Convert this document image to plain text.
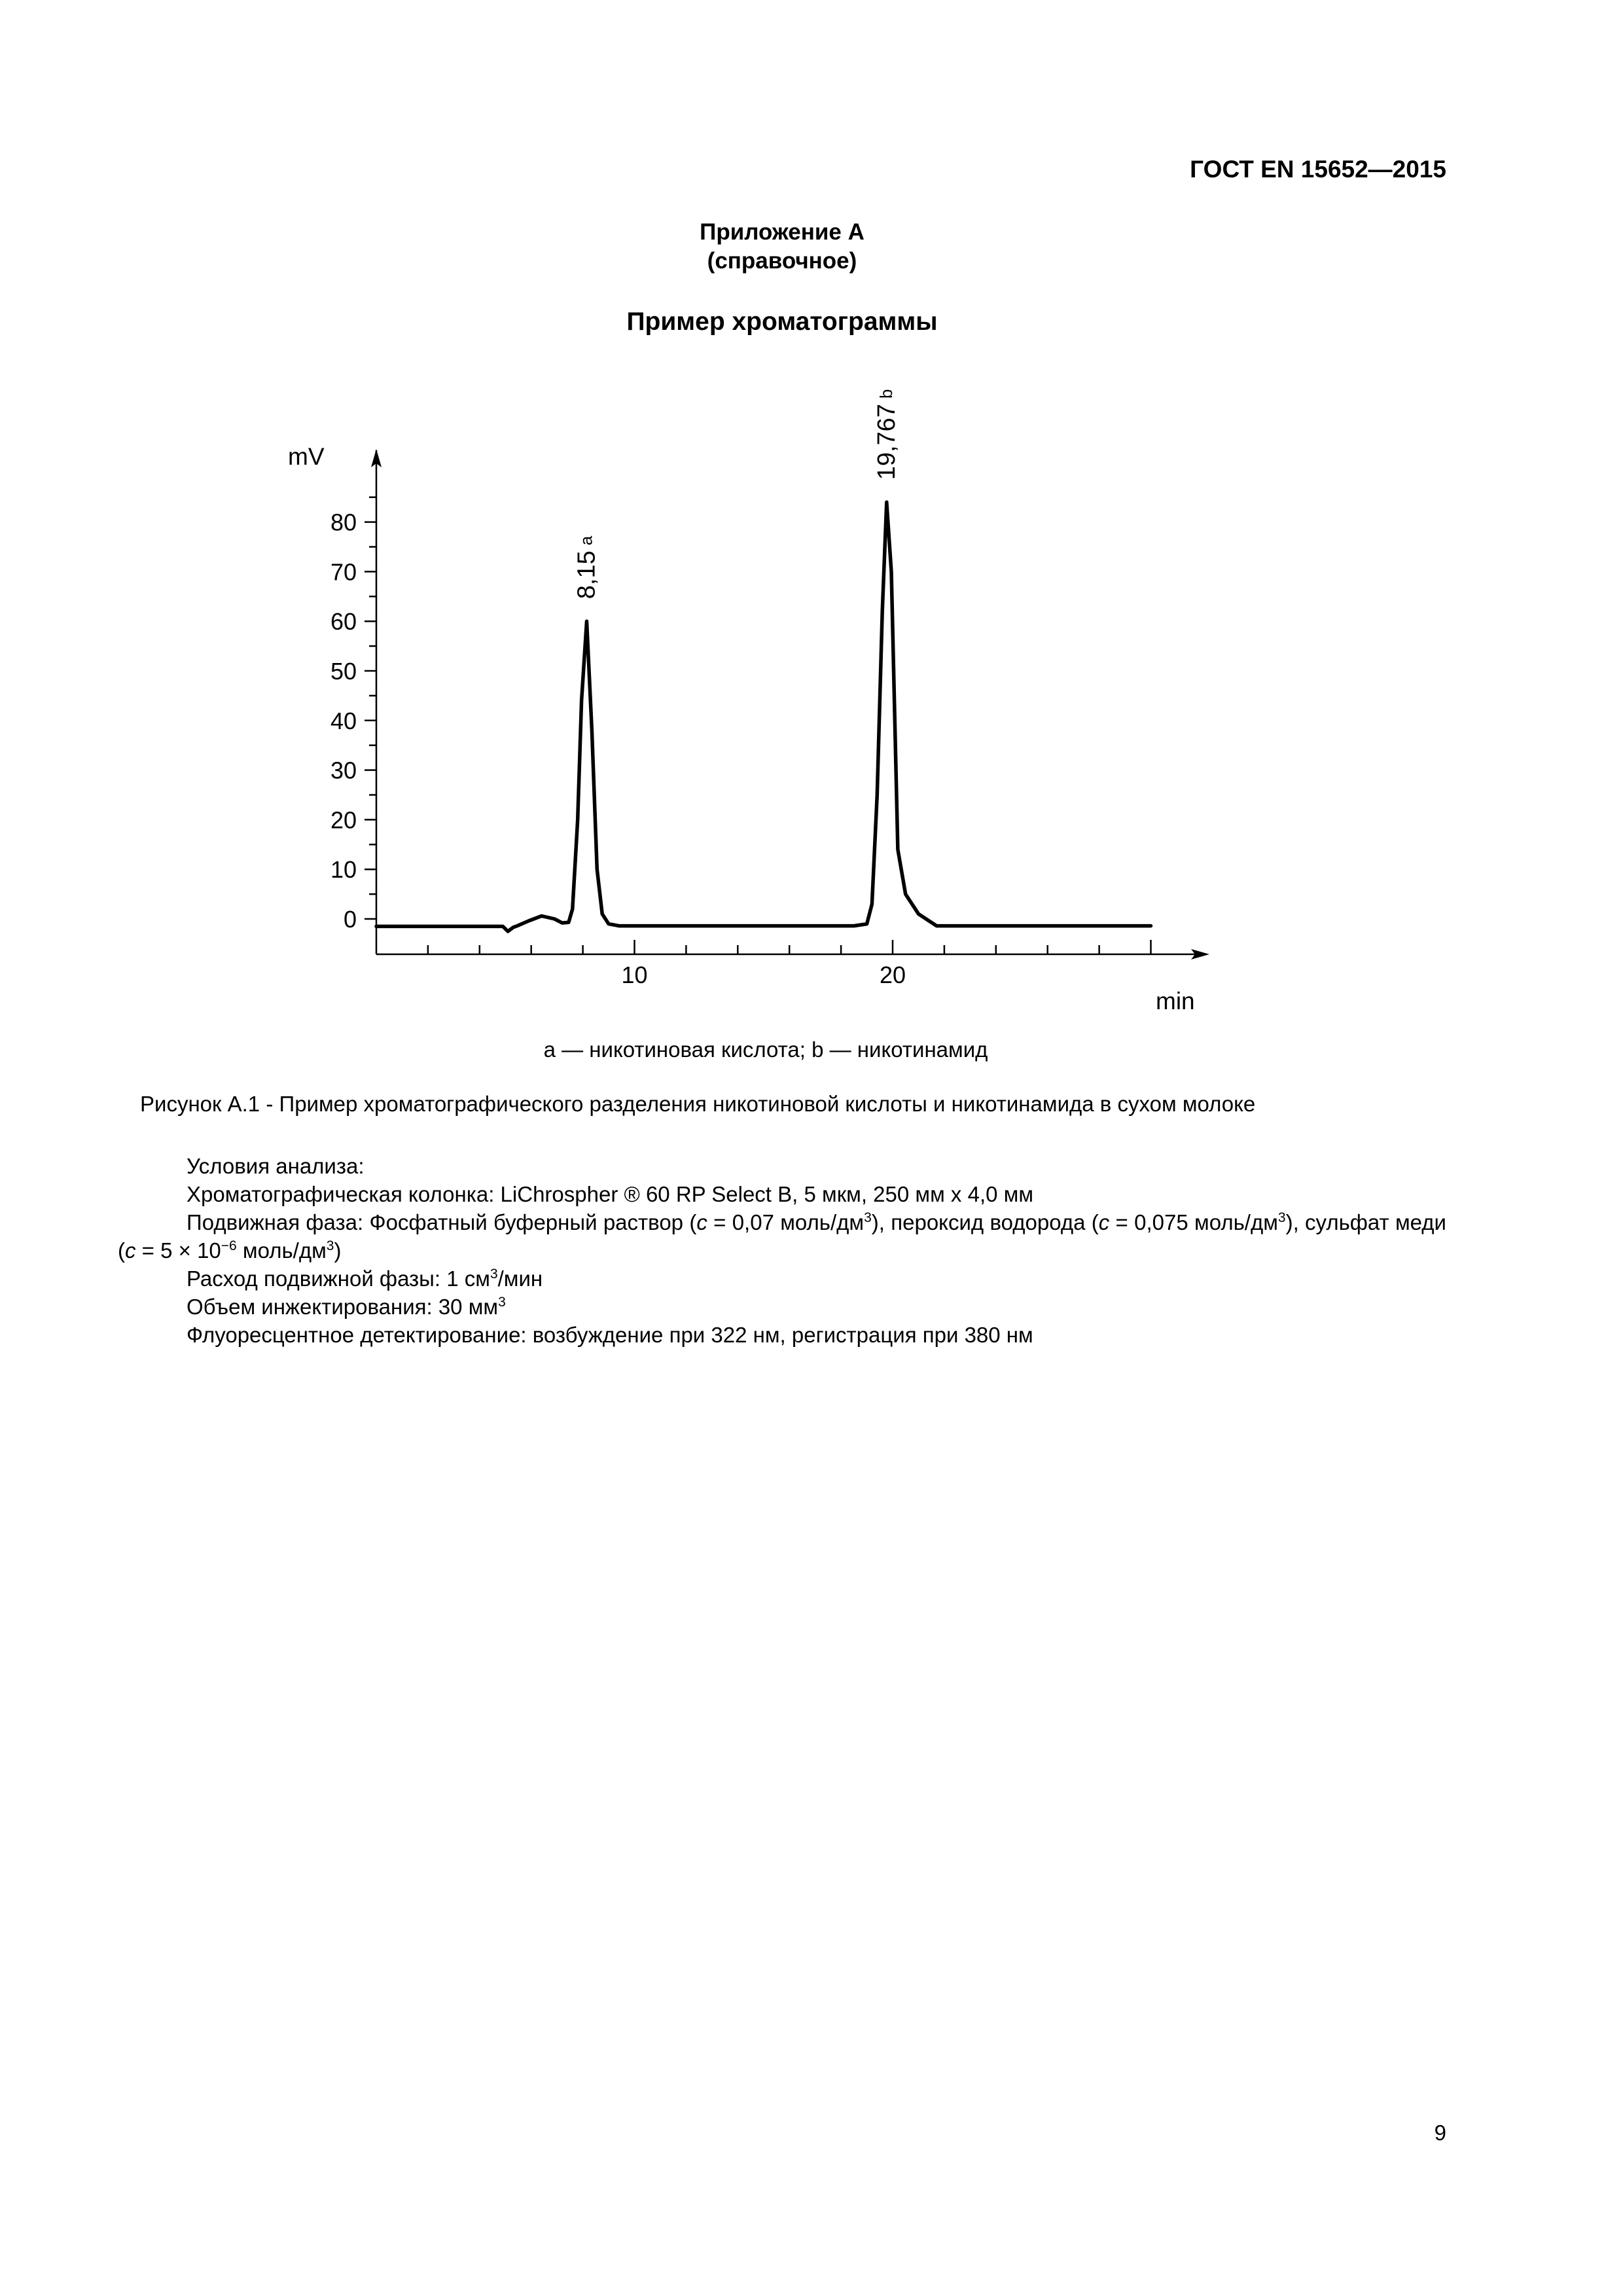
ГОСТ EN 15652—2015
Приложение А
(справочное)
Пример хроматограммы
0
10
20
30
40
50
60
70
80
10	20
mV
min
8,15a
19,767b
a — никотиновая кислота; b — никотинамид
Рисунок А.1 - Пример хроматографического разделения никотиновой кислоты и никотинамида в сухом молоке
Условия анализа:
Хроматографическая колонка: LiChrospher ® 60 RP Select B, 5 мкм, 250 мм х 4,0 мм
Подвижная фаза: Фосфатный буферный раствор (c = 0,07 моль/$дм^3$), пероксид водорода (c = 0,075 моль/$дм^3$), сульфат меди ($c = 5 \times 10^{-6}$ моль/$дм^3$)
Расход подвижной фазы: 1 $см^3$/мин
Объем инжектирования: 30 $мм^3$
Флуоресцентное детектирование: возбуждение при 322 нм, регистрация при 380 нм
9
